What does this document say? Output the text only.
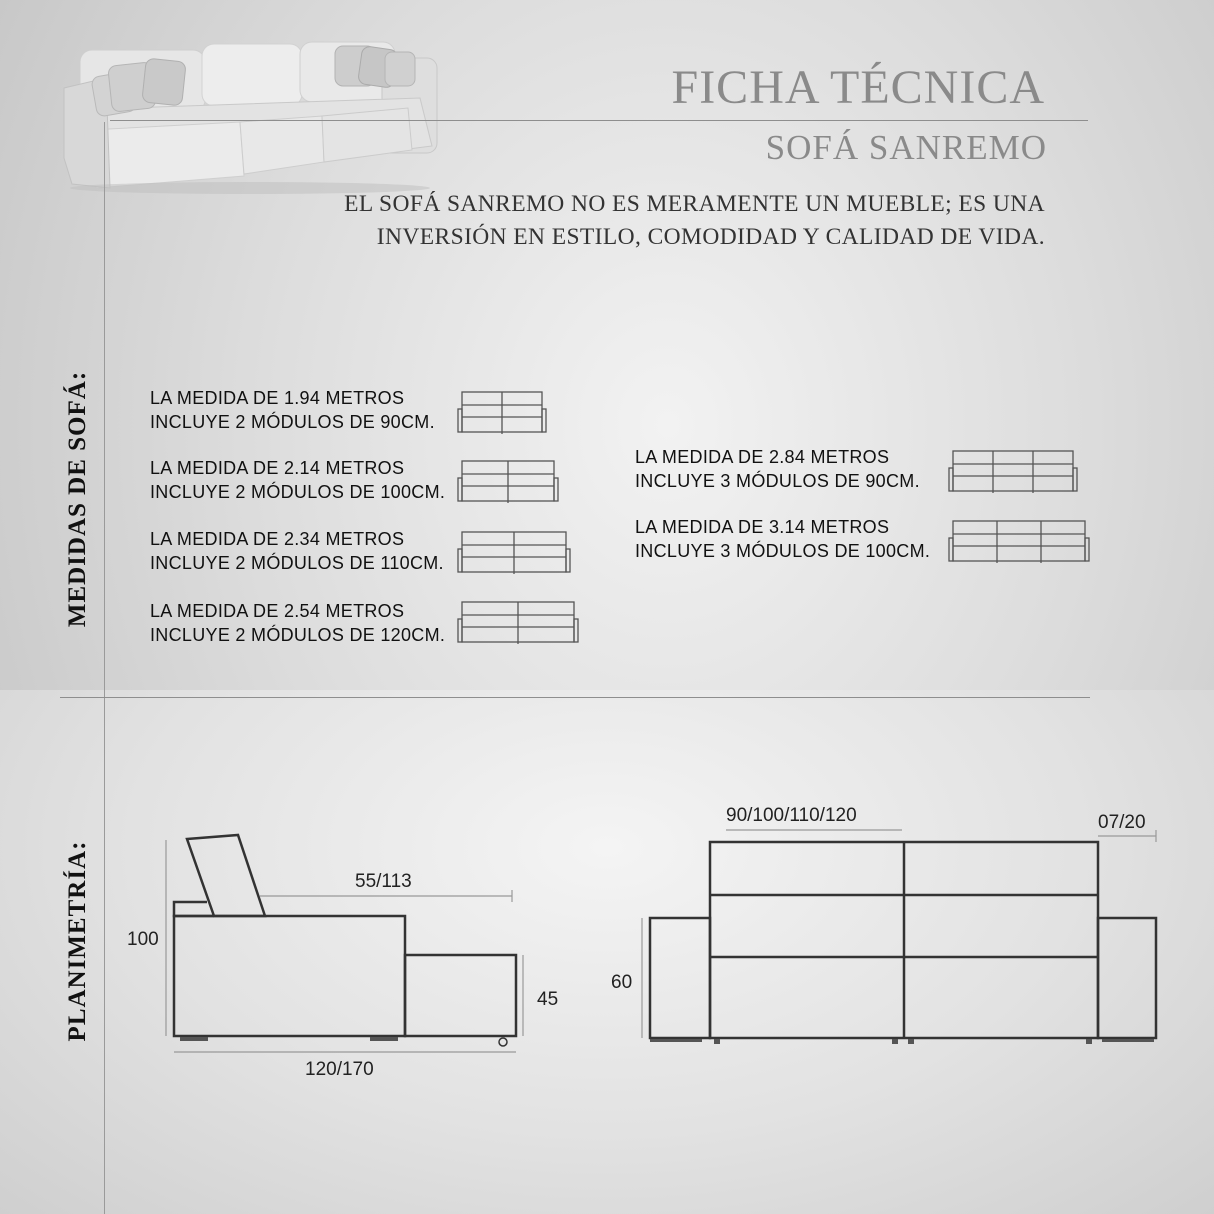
FICHA TÉCNICA
SOFÁ SANREMO
EL SOFÁ SANREMO NO ES MERAMENTE UN MUEBLE; ES UNA
INVERSIÓN EN ESTILO, COMODIDAD Y CALIDAD DE VIDA.
MEDIDAS DE SOFÁ:
PLANIMETRÍA:
LA MEDIDA DE 1.94 METROS
INCLUYE 2 MÓDULOS DE 90CM.
LA MEDIDA DE 2.14 METROS
INCLUYE 2 MÓDULOS DE 100CM.
LA MEDIDA DE 2.34 METROS
INCLUYE 2 MÓDULOS DE 110CM.
LA MEDIDA DE 2.54 METROS
INCLUYE 2 MÓDULOS DE 120CM.
LA MEDIDA DE 2.84 METROS
INCLUYE 3 MÓDULOS DE 90CM.
LA MEDIDA DE 3.14 METROS
INCLUYE 3 MÓDULOS DE 100CM.
100
55/113
45
120/170
90/100/110/120	07/20
60
